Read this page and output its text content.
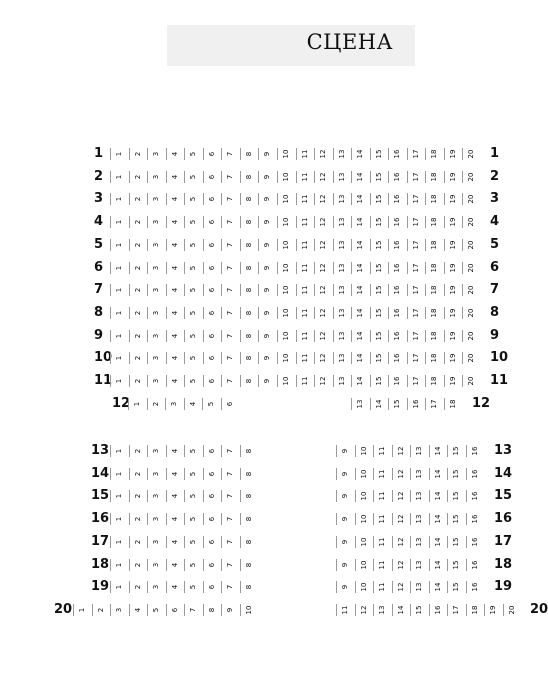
СЦЕНА
1 1 2 3 4 5 6 7 8 9 10 11 12 13 14 15 16 17 18 19 20 1
2 1 2 3 4 5 6 7 8 9 10 11 12 13 14 15 16 17 18 19 20 2
3 1 2 3 4 5 6 7 8 9 10 11 12 13 14 15 16 17 18 19 20 3
4 1 2 3 4 5 6 7 8 9 10 11 12 13 14 15 16 17 18 19 20 4
5 1 2 3 4 5 6 7 8 9 10 11 12 13 14 15 16 17 18 19 20 5
6 1 2 3 4 5 6 7 8 9 10 11 12 13 14 15 16 17 18 19 20 6
7 1 2 3 4 5 6 7 8 9 10 11 12 13 14 15 16 17 18 19 20 7
8 1 2 3 4 5 6 7 8 9 10 11 12 13 14 15 16 17 18 19 20 8
9 1 2 3 4 5 6 7 8 9 10 11 12 13 14 15 16 17 18 19 20 9
10 1 2 3 4 5 6 7 8 9 10 11 12 13 14 15 16 17 18 19 20 10
11 1 2 3 4 5 6 7 8 9 10 11 12 13 14 15 16 17 18 19 20 11
12 1 2 3 4 5 6	13 14 15 16 17 18 12
13 1 2 3 4 5 6 7 8	9 10 11 12 13 14 15 16 13
14 1 2 3 4 5 6 7 8	9 10 11 12 13 14 15 16 14
15 1 2 3 4 5 6 7 8	9 10 11 12 13 14 15 16 15
16 1 2 3 4 5 6 7 8	9 10 11 12 13 14 15 16 16
17 1 2 3 4 5 6 7 8	9 10 11 12 13 14 15 16 17
18 1 2 3 4 5 6 7 8	9 10 11 12 13 14 15 16 18
19 1 2 3 4 5 6 7 8	9 10 11 12 13 14 15 16 19
20 1 2 3 4 5 6 7 8 9 10	11 12 13 14 15 16 17 18 19 20 20
